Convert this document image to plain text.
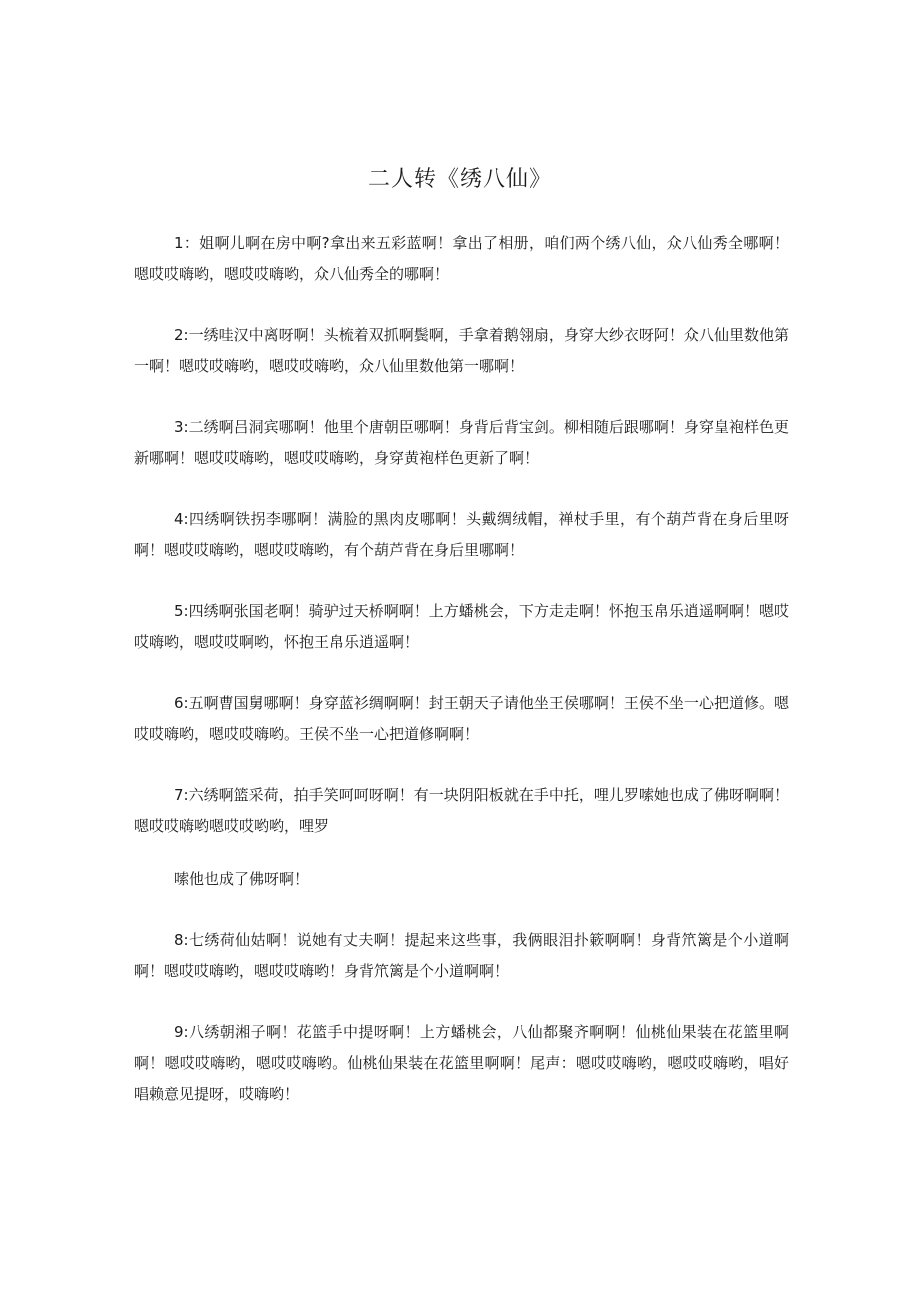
二人转《绣八仙》

1：姐啊儿啊在房中啊?拿出来五彩蓝啊！拿出了相册，咱们两个绣八仙，众八仙秀全哪啊！嗯哎哎嗨哟，嗯哎哎嗨哟，众八仙秀全的哪啊！

2:一绣哇汉中离呀啊！头梳着双抓啊鬓啊，手拿着鹅翎扇，身穿大纱衣呀阿！众八仙里数他第一啊！嗯哎哎嗨哟，嗯哎哎嗨哟，众八仙里数他第一哪啊！

3:二绣啊吕洞宾哪啊！他里个唐朝臣哪啊！身背后背宝剑。柳相随后跟哪啊！身穿皇袍样色更新哪啊！嗯哎哎嗨哟，嗯哎哎嗨哟，身穿黄袍样色更新了啊！

4:四绣啊铁拐李哪啊！满脸的黑肉皮哪啊！头戴绸绒帽，禅杖手里，有个葫芦背在身后里呀啊！嗯哎哎嗨哟，嗯哎哎嗨哟，有个葫芦背在身后里哪啊！

5:四绣啊张国老啊！骑驴过天桥啊啊！上方蟠桃会，下方走走啊！怀抱玉帛乐逍遥啊啊！嗯哎哎嗨哟，嗯哎哎啊哟，怀抱王帛乐逍遥啊！

6:五啊曹国舅哪啊！身穿蓝衫绸啊啊！封王朝天子请他坐王侯哪啊！王侯不坐一心把道修。嗯哎哎嗨哟，嗯哎哎嗨哟。王侯不坐一心把道修啊啊！

7:六绣啊篮采荷，拍手笑呵呵呀啊！有一块阴阳板就在手中托，哩儿罗嗦她也成了佛呀啊啊！嗯哎哎嗨哟嗯哎哎哟哟，哩罗

嗦他也成了佛呀啊！

8:七绣荷仙姑啊！说她有丈夫啊！提起来这些事，我俩眼泪扑簌啊啊！身背笊篱是个小道啊啊！嗯哎哎嗨哟，嗯哎哎嗨哟！身背笊篱是个小道啊啊！

9:八绣朝湘子啊！花篮手中提呀啊！上方蟠桃会，八仙都聚齐啊啊！仙桃仙果装在花篮里啊啊！嗯哎哎嗨哟，嗯哎哎嗨哟。仙桃仙果装在花篮里啊啊！尾声：嗯哎哎嗨哟，嗯哎哎嗨哟，唱好唱赖意见提呀，哎嗨哟！
